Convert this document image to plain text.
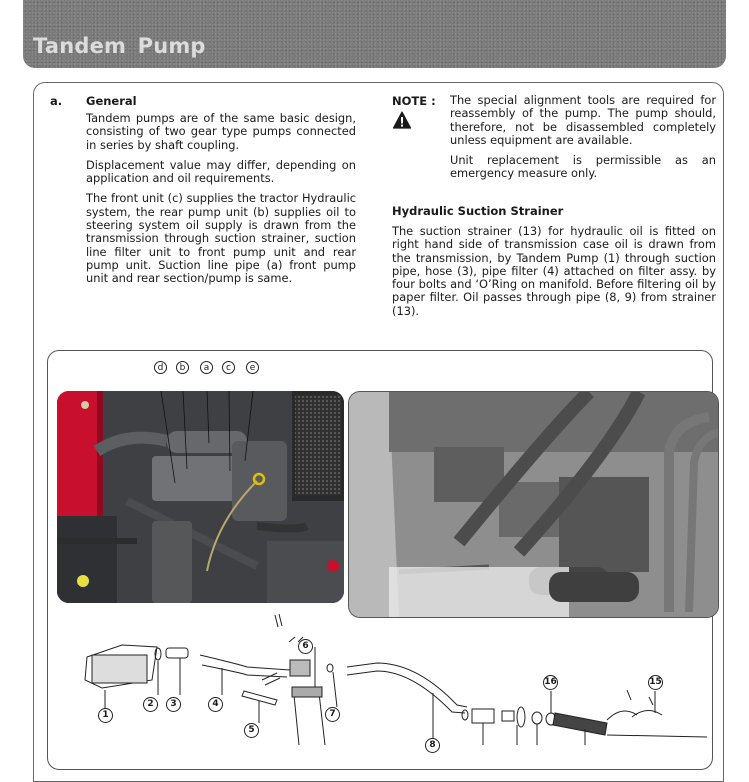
Tandem Pump
a. General

Tandem pumps are of the same basic design, consisting of two gear type pumps connected in series by shaft coupling.

Displacement value may differ, depending on application and oil requirements.

The front unit (c) supplies the tractor Hydraulic system, the rear pump unit (b) supplies oil to steering system oil supply is drawn from the transmission through suction strainer, suction line filter unit to front pump unit and rear pump unit. Suction line pipe (a) front pump unit and rear section/pump is same.

NOTE : The special alignment tools are required for reassembly of the pump. The pump should, therefore, not be disassembled completely unless equipment are available.

Unit replacement is permissible as an emergency measure only.

Hydraulic Suction Strainer

The suction strainer (13) for hydraulic oil is fitted on right hand side of transmission case oil is drawn from the transmission, by Tandem Pump (1) through suction pipe, hose (3), pipe filter (4) attached on filter assy. by four bolts and ‘O’Ring on manifold. Before filtering oil by paper filter. Oil passes through pipe (8, 9) from strainer (13).

d	b	a	c	e
1
2	3	4
5
6
7
8
16	15
